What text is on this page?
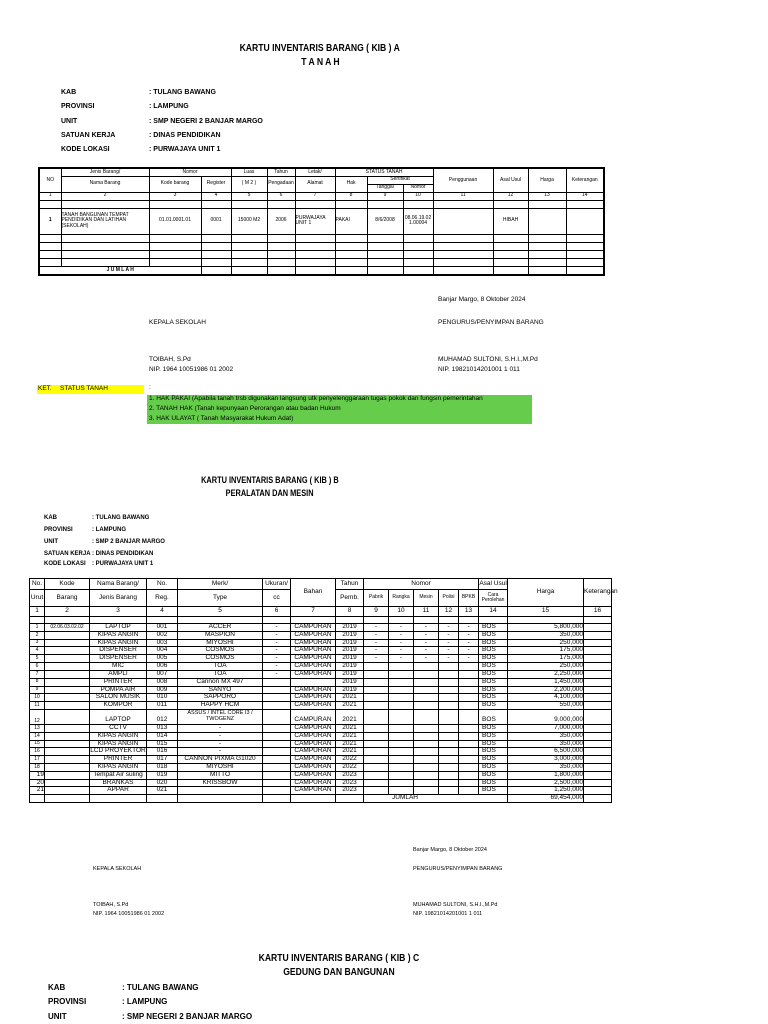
KARTU INVENTARIS BARANG ( KIB ) A
T A N A H
KAB	: TULANG BAWANG
PROVINSI	: LAMPUNG
UNIT	: SMP NEGERI 2 BANJAR MARGO
SATUAN KERJA	: DINAS PENDIDIKAN
KODE LOKASI	: PURWAJAYA UNIT 1
NO	Jenis Barang/	Nomor		Luas	Tahun	Letak/	STATUS TANAH			Penggunaan	Asal Usul	Harga	Keterangan
	Nama Barang	Kode barang	Register	( M 2 )	Pengadaan	Alamat	Hak	Sertifikat					
								Tanggal	Nomor				
1	2	3	4	5	6	7	8	9	10	11	12	13	14

1	TANAH BANGUNAN TEMPAT PENDIDIKAN DAN LATIHAN (SEKOLAH)	01.01.0001.01	0001	15000 M2	2006	PURWAJAYA UNIT 1	PAKAI	8/6/2008	08.06.19.02 1.00004		HIBAH		

J U M L A H													
Banjar Margo, 8 Oktober 2024
KEPALA SEKOLAH	PENGURUS/PENYIMPAN BARANG
TOIBAH, S.Pd
NIP. 1964 10051986 01 2002
MUHAMAD SULTONI, S.H.I.,M.Pd
NIP. 19821014201001 1 011
KET. STATUS TANAH	:
1. HAK PAKAI (Apabila tanah trsb digunakan langsung utk penyelenggaraan tugas pokok dan fungsin pemerintahan
2. TANAH HAK (Tanah kepunyaan Perorangan atau badan Hukum
3. HAK ULAYAT ( Tanah Masyarakat Hukum Adat)
KARTU INVENTARIS BARANG ( KIB ) B
PERALATAN DAN MESIN
KAB	: TULANG BAWANG
PROVINSI	: LAMPUNG
UNIT	: SMP 2 BANJAR MARGO
SATUAN KERJA : DINAS PENDIDIKAN
KODE LOKASI : PURWAJAYA UNIT 1
No.	Kode	Nama Barang/	No.	Merk/	Ukuran/	Bahan	Tahun	Nomor					Asal Usul	Harga	Keterangan
Urut	Barang	Jenis Barang	Reg.	Type	cc		Pemb.	Pabrik	Rangka	Mesin	Polisi	BPKB	Cara Perolehan		
1	2	3	4	5	6	7	8	9	10	11	12	13	14	15	16

1	02.06.03.02.02	LAPTOP	001	ACCER	-	CAMPURAN	2019	-	-	-	-	-	BOS	5,800,000	
2		KIPAS ANGIN	002	MASPION	-	CAMPURAN	2019	-	-	-	-	-	BOS	350,000	
3		KIPAS ANGIN	003	MIYOSHI	-	CAMPURAN	2019	-	-	-	-	-	BOS	250,000	
4		DISPENSER	004	COSMOS	-	CAMPURAN	2019	-	-	-	-	-	BOS	175,000	
5		DISPENSER	005	COSMOS	-	CAMPURAN	2019	-	-	-	-	-	BOS	175,000	
6		MIC	006	TOA	-	CAMPURAN	2019						BOS	250,000	
7		AMPLI	007	TOA	-	CAMPURAN	2019						BOS	2,250,000	
8		PRINTER	008	Cannon MX 497			2019						BOS	1,450,000	
9		POMPA AIR	009	SANYO		CAMPURAN	2019						BOS	2,200,000	
10		SALON MUSIK	010	SAPPORO		CAMPURAN	2021						BOS	4,100,000	
11		KOMPOR	011	HAPPY HCM		CAMPURAN	2021						BOS	550,000	
12		LAPTOP	012	ASSUS / INTEL CORE I3 / TWOGENZ		CAMPURAN	2021						BOS	9,000,000	
13		CCTV	013	-		CAMPURAN	2021						BOS	7,000,000	
14		KIPAS ANGIN	014	-		CAMPURAN	2021						BOS	350,000	
15		KIPAS ANGIN	015	-		CAMPURAN	2021						BOS	350,000	
16		LCD PROYEKTOR	016	-		CAMPURAN	2021						BOS	6,500,000	
17		PRINTER	017	CANNON PIXMA G1020		CAMPURAN	2022						BOS	3,000,000	
18		KIPAS ANGIN	018	MIYOSHI		CAMPURAN	2022						BOS	350,000	
19		Tempat Air suling	019	MITTO		CAMPURAN	2023						BOS	1,800,000	
20		BRANKAS	020	KRISSBOW		CAMPURAN	2023						BOS	2,500,000	
21		APPAR	021			CAMPURAN	2023						BOS	1,250,000	
								JUMLAH						69,454,000	
Banjar Margo, 8 Oktober 2024
KEPALA SEKOLAH	PENGURUS/PENYIMPAN BARANG
TOIBAH, S.Pd
NIP. 1964 10051986 01 2002
MUHAMAD SULTONI, S.H.I.,M.Pd
NIP. 19821014201001 1 011
KARTU INVENTARIS BARANG ( KIB ) C
GEDUNG DAN BANGUNAN
KAB	: TULANG BAWANG
PROVINSI	: LAMPUNG
UNIT	: SMP NEGERI 2 BANJAR MARGO
